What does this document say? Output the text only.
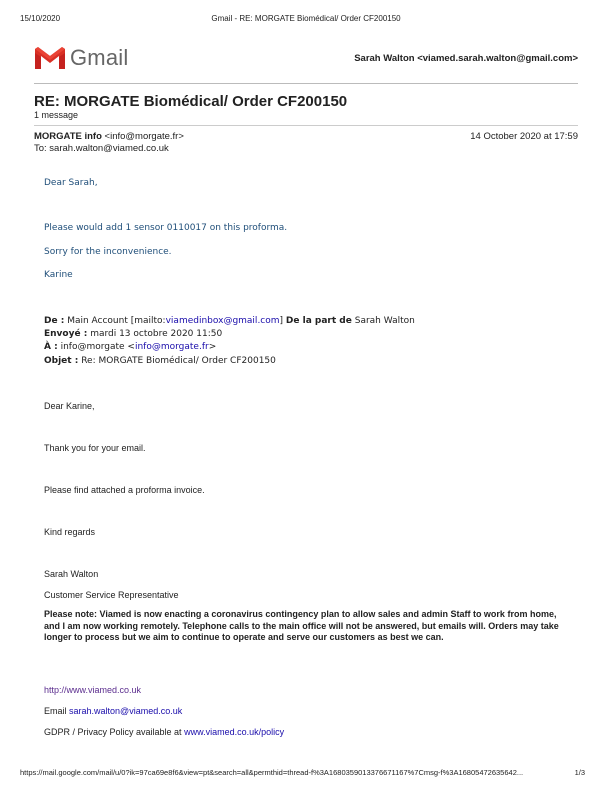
15/10/2020	Gmail - RE: MORGATE Biomédical/ Order CF200150
Gmail	Sarah Walton <viamed.sarah.walton@gmail.com>
RE: MORGATE Biomédical/ Order CF200150
1 message
MORGATE info <info@morgate.fr>	14 October 2020 at 17:59
To: sarah.walton@viamed.co.uk
Dear Sarah,
Please would add 1 sensor 0110017 on this proforma.
Sorry for the inconvenience.
Karine
De : Main Account [mailto:viamedinbox@gmail.com] De la part de Sarah Walton
Envoyé : mardi 13 octobre 2020 11:50
À : info@morgate <info@morgate.fr>
Objet : Re: MORGATE Biomédical/ Order CF200150
Dear Karine,
Thank you for your email.
Please find attached a proforma invoice.
Kind regards
Sarah Walton
Customer Service Representative
Please note: Viamed is now enacting a coronavirus contingency plan to allow sales and admin Staff to work from home, and I am now working remotely. Telephone calls to the main office will not be answered, but emails will. Orders may take longer to process but we aim to continue to operate and serve our customers as best we can.
http://www.viamed.co.uk
Email sarah.walton@viamed.co.uk
GDPR / Privacy Policy available at www.viamed.co.uk/policy
https://mail.google.com/mail/u/0?ik=97ca69e8f6&view=pt&search=all&permthid=thread-f%3A1680359013376671167%7Cmsg-f%3A16805472635642...	1/3
